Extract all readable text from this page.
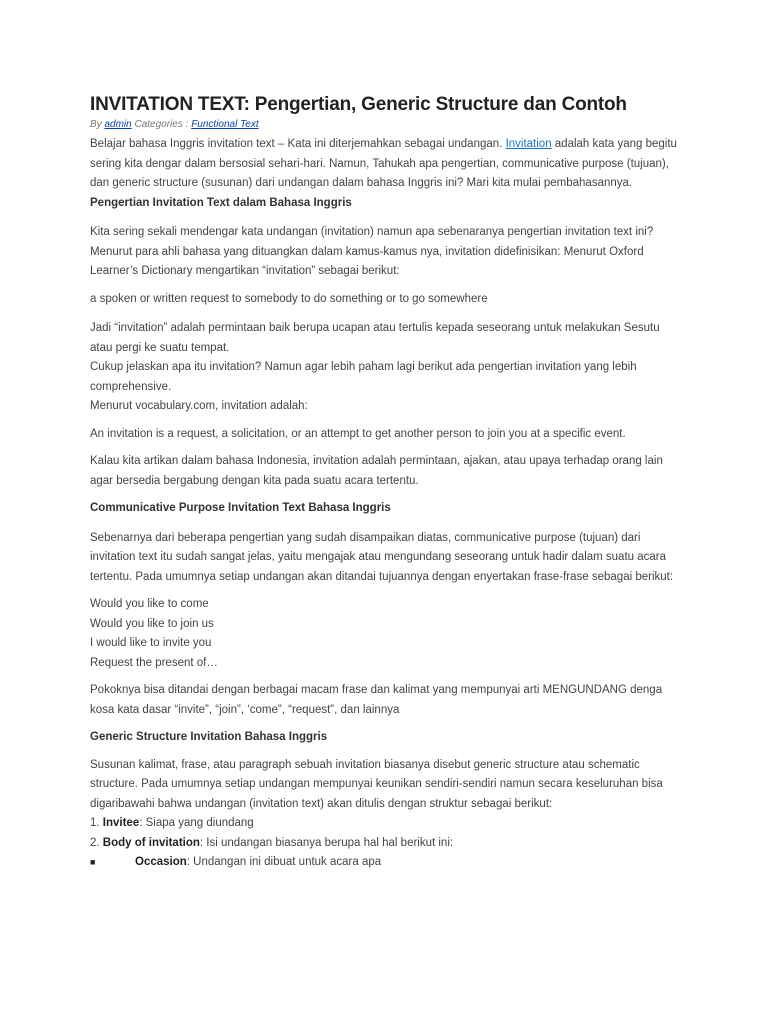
INVITATION TEXT: Pengertian, Generic Structure dan Contoh
By admin Categories : Functional Text

Belajar bahasa Inggris invitation text – Kata ini diterjemahkan sebagai undangan. Invitation adalah kata yang begitu sering kita dengar dalam bersosial sehari-hari. Namun, Tahukah apa pengertian, communicative purpose (tujuan), dan generic structure (susunan) dari undangan dalam bahasa Inggris ini? Mari kita mulai pembahasannya.

Pengertian Invitation Text dalam Bahasa Inggris

Kita sering sekali mendengar kata undangan (invitation) namun apa sebenaranya pengertian invitation text ini? Menurut para ahli bahasa yang dituangkan dalam kamus-kamus nya, invitation didefinisikan: Menurut Oxford Learner’s Dictionary mengartikan “invitation” sebagai berikut:

a spoken or written request to somebody to do something or to go somewhere

Jadi “invitation” adalah permintaan baik berupa ucapan atau tertulis kepada seseorang untuk melakukan Sesutu atau pergi ke suatu tempat.

Cukup jelaskan apa itu invitation? Namun agar lebih paham lagi berikut ada pengertian invitation yang lebih comprehensive.

Menurut vocabulary.com, invitation adalah:

An invitation is a request, a solicitation, or an attempt to get another person to join you at a specific event.

Kalau kita artikan dalam bahasa Indonesia, invitation adalah permintaan, ajakan, atau upaya terhadap orang lain agar bersedia bergabung dengan kita pada suatu acara tertentu.

Communicative Purpose Invitation Text Bahasa Inggris

Sebenarnya dari beberapa pengertian yang sudah disampaikan diatas, communicative purpose (tujuan) dari invitation text itu sudah sangat jelas, yaitu mengajak atau mengundang seseorang untuk hadir dalam suatu acara tertentu. Pada umumnya setiap undangan akan ditandai tujuannya dengan enyertakan frase-frase sebagai berikut:

Would you like to come

Would you like to join us

I would like to invite you

Request the present of…

Pokoknya bisa ditandai dengan berbagai macam frase dan kalimat yang mempunyai arti MENGUNDANG denga kosa kata dasar “invite”, “join”, ‘come”, “request”, dan lainnya

Generic Structure Invitation Bahasa Inggris

Susunan kalimat, frase, atau paragraph sebuah invitation biasanya disebut generic structure atau schematic structure. Pada umumnya setiap undangan mempunyai keunikan sendiri-sendiri namun secara keseluruhan bisa digaribawahi bahwa undangan (invitation text) akan ditulis dengan struktur sebagai berikut:

1. Invitee: Siapa yang diundang

2. Body of invitation: Isi undangan biasanya berupa hal hal berikut ini:

■	Occasion: Undangan ini dibuat untuk acara apa
